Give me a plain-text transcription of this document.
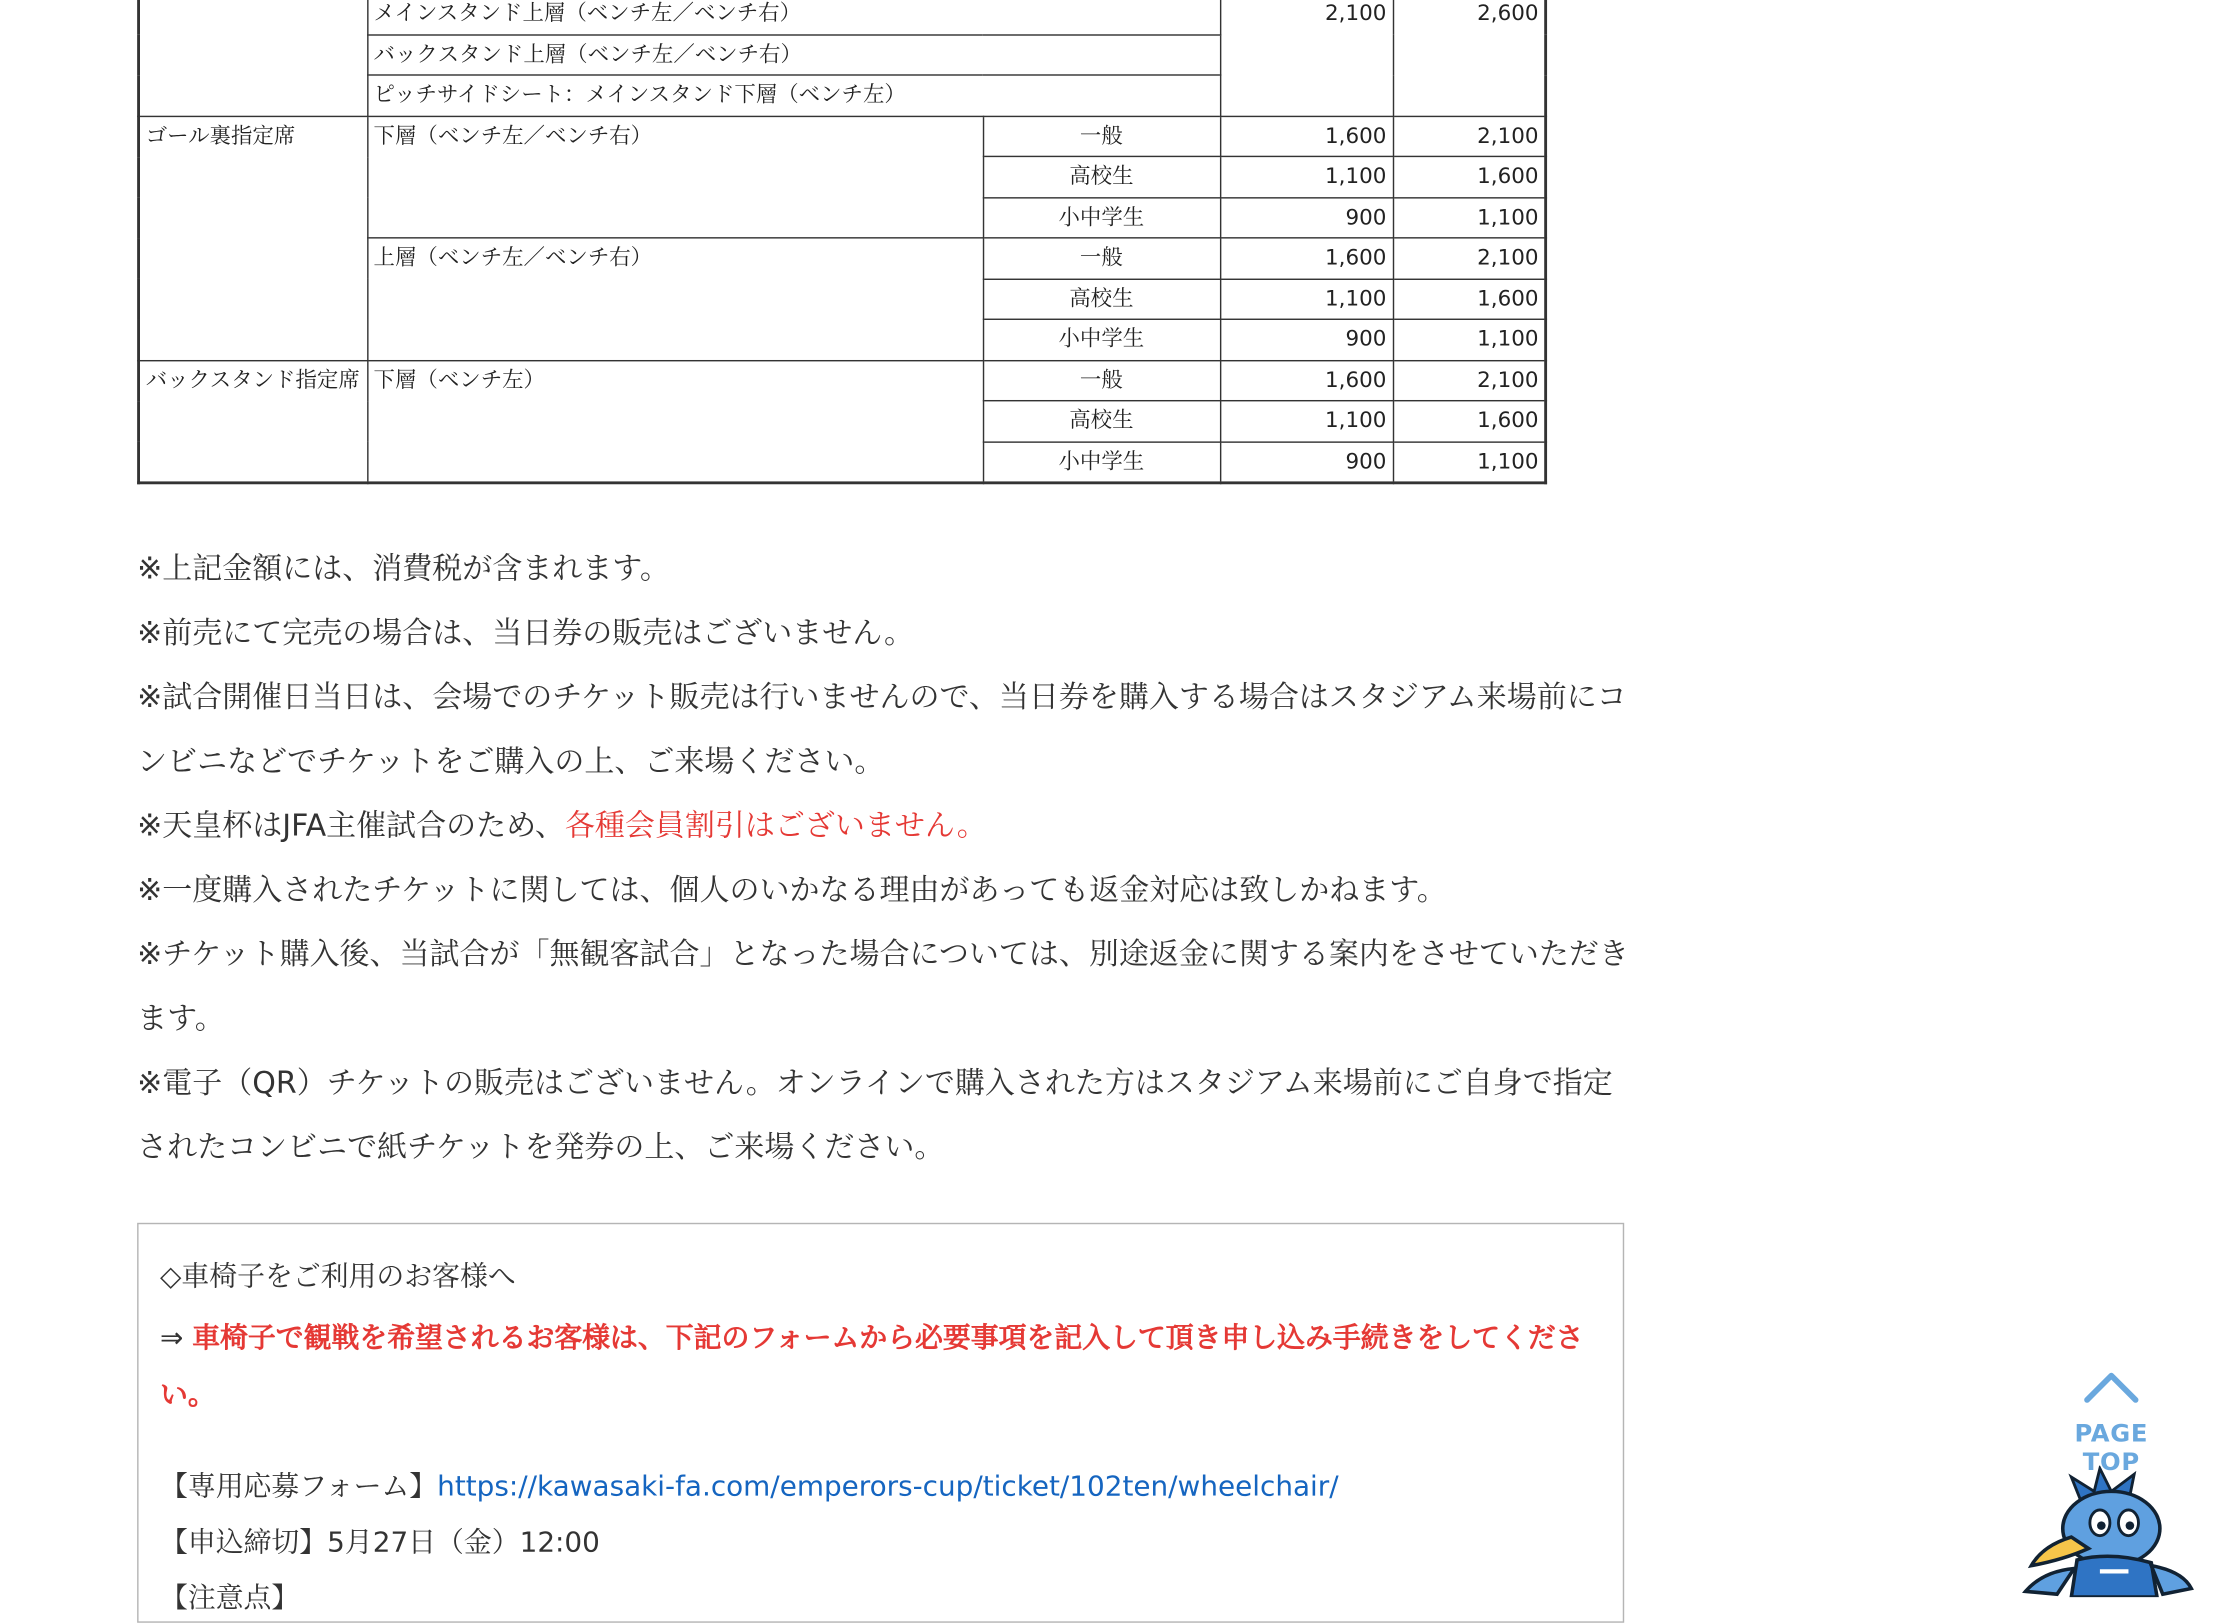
	メインスタンド上層（ベンチ左／ベンチ右）		2,100	2,600
	バックスタンド上層（ベンチ左／ベンチ右）			
	ピッチサイドシート：メインスタンド下層（ベンチ左）			
ゴール裏指定席	下層（ベンチ左／ベンチ右）	一般	1,600	2,100
		高校生	1,100	1,600
		小中学生	900	1,100
	上層（ベンチ左／ベンチ右）	一般	1,600	2,100
		高校生	1,100	1,600
		小中学生	900	1,100
バックスタンド指定席	下層（ベンチ左）	一般	1,600	2,100
		高校生	1,100	1,600
		小中学生	900	1,100

※上記金額には、消費税が含まれます。

※前売にて完売の場合は、当日券の販売はございません。

※試合開催日当日は、会場でのチケット販売は行いませんので、当日券を購入する場合はスタジアム来場前にコンビニなどでチケットをご購入の上、ご来場ください。

※天皇杯はJFA主催試合のため、各種会員割引はございません。

※一度購入されたチケットに関しては、個人のいかなる理由があっても返金対応は致しかねます。

※チケット購入後、当試合が「無観客試合」となった場合については、別途返金に関する案内をさせていただきます。

※電子（QR）チケットの販売はございません。オンラインで購入された方はスタジアム来場前にご自身で指定されたコンビニで紙チケットを発券の上、ご来場ください。

◇車椅子をご利用のお客様へ
⇒ 車椅子で観戦を希望されるお客様は、下記のフォームから必要事項を記入して頂き申し込み手続きをしてください。
【専用応募フォーム】https://kawasaki-fa.com/emperors-cup/ticket/102ten/wheelchair/
【申込締切】5月27日（金）12:00
【注意点】
PAGE TOP
